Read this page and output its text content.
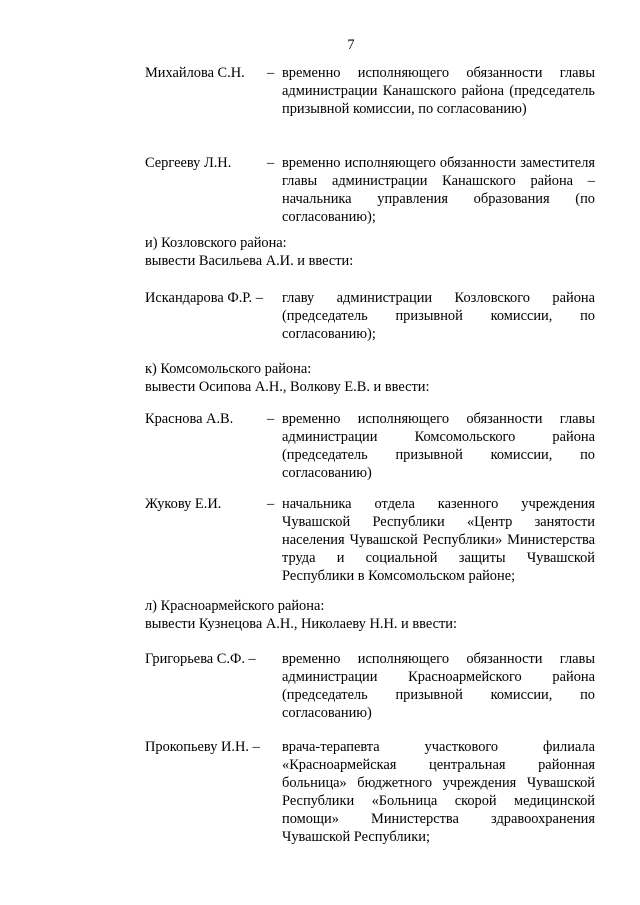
7
Михайлова С.Н. – временно исполняющего обязанности главы администрации Канашского района (председатель призывной комиссии, по согласованию)
Сергееву Л.Н. – временно исполняющего обязанности заместителя главы администрации Канашского района – начальника управления образования (по согласованию);
и) Козловского района:
вывести Васильева А.И. и ввести:
Искандарова Ф.Р. – главу администрации Козловского района (председатель призывной комиссии, по согласованию);
к) Комсомольского района:
вывести Осипова А.Н., Волкову Е.В. и ввести:
Краснова А.В. – временно исполняющего обязанности главы администрации Комсомольского района (председатель призывной комиссии, по согласованию)
Жукову Е.И.	– начальника отдела казенного учреждения Чувашской Республики «Центр занятости населения Чувашской Республики» Министерства труда и социальной защиты Чувашской Республики в Комсомольском районе;
л) Красноармейского района:
вывести Кузнецова А.Н., Николаеву Н.Н. и ввести:
Григорьева С.Ф. – временно исполняющего обязанности главы администрации Красноармейского района (председатель призывной комиссии, по согласованию)
Прокопьеву И.Н. – врача-терапевта участкового филиала «Красноармейская центральная районная больница» бюджетного учреждения Чувашской Республики «Больница скорой медицинской помощи» Министерства здравоохранения Чувашской Республики;
